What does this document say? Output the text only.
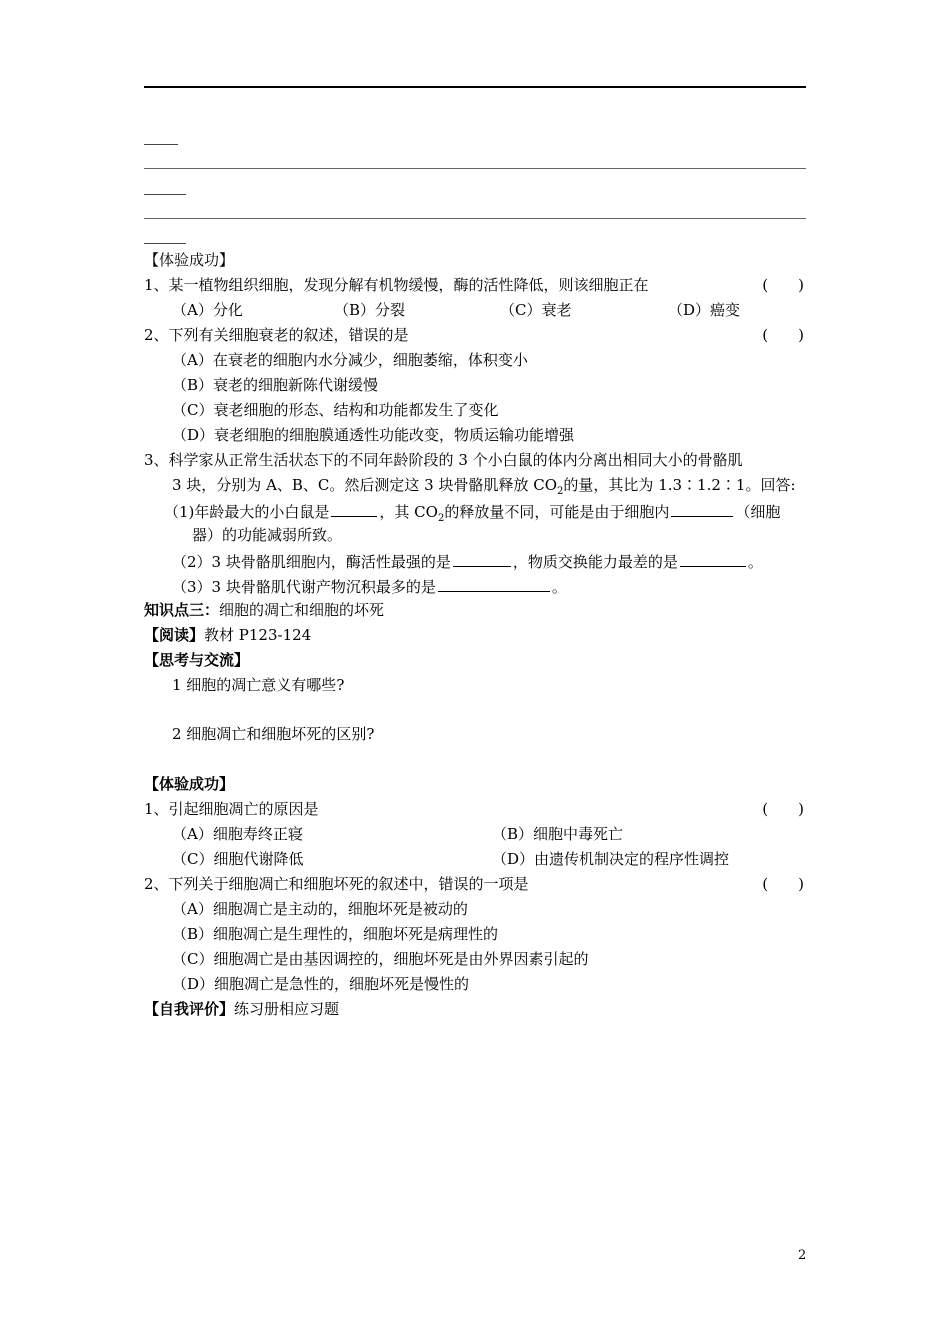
【体验成功】
1、某一植物组织细胞，发现分解有机物缓慢，酶的活性降低，则该细胞正在	(　　)
（A）分化	（B）分裂	（C）衰老	（D）癌变
2、下列有关细胞衰老的叙述，错误的是	(　　)
（A）在衰老的细胞内水分减少，细胞萎缩，体积变小
（B）衰老的细胞新陈代谢缓慢
（C）衰老细胞的形态、结构和功能都发生了变化
（D）衰老细胞的细胞膜通透性功能改变，物质运输功能增强
3、科学家从正常生活状态下的不同年龄阶段的 3 个小白鼠的体内分离出相同大小的骨骼肌
3 块，分别为 A、B、C。然后测定这 3 块骨骼肌释放 $CO_2$的量，其比为 1.3∶1.2∶1。回答:
（1)年龄最大的小白鼠是	，其 $CO_2$的释放量不同，可能是由于细胞内	（细胞
器）的功能减弱所致。
（2）3 块骨骼肌细胞内，酶活性最强的是	，物质交换能力最差的是	。
（3）3 块骨骼肌代谢产物沉积最多的是	。
知识点三：细胞的凋亡和细胞的坏死
【阅读】教材 P123-124
【思考与交流】
1 细胞的凋亡意义有哪些?
2 细胞凋亡和细胞坏死的区别?
【体验成功】
1、引起细胞凋亡的原因是	(　　)
（A）细胞寿终正寝	（B）细胞中毒死亡
（C）细胞代谢降低	（D）由遗传机制决定的程序性调控
2、下列关于细胞凋亡和细胞坏死的叙述中，错误的一项是	(　　)
（A）细胞凋亡是主动的，细胞坏死是被动的
（B）细胞凋亡是生理性的，细胞坏死是病理性的
（C）细胞凋亡是由基因调控的，细胞坏死是由外界因素引起的
（D）细胞凋亡是急性的，细胞坏死是慢性的
【自我评价】练习册相应习题
2
